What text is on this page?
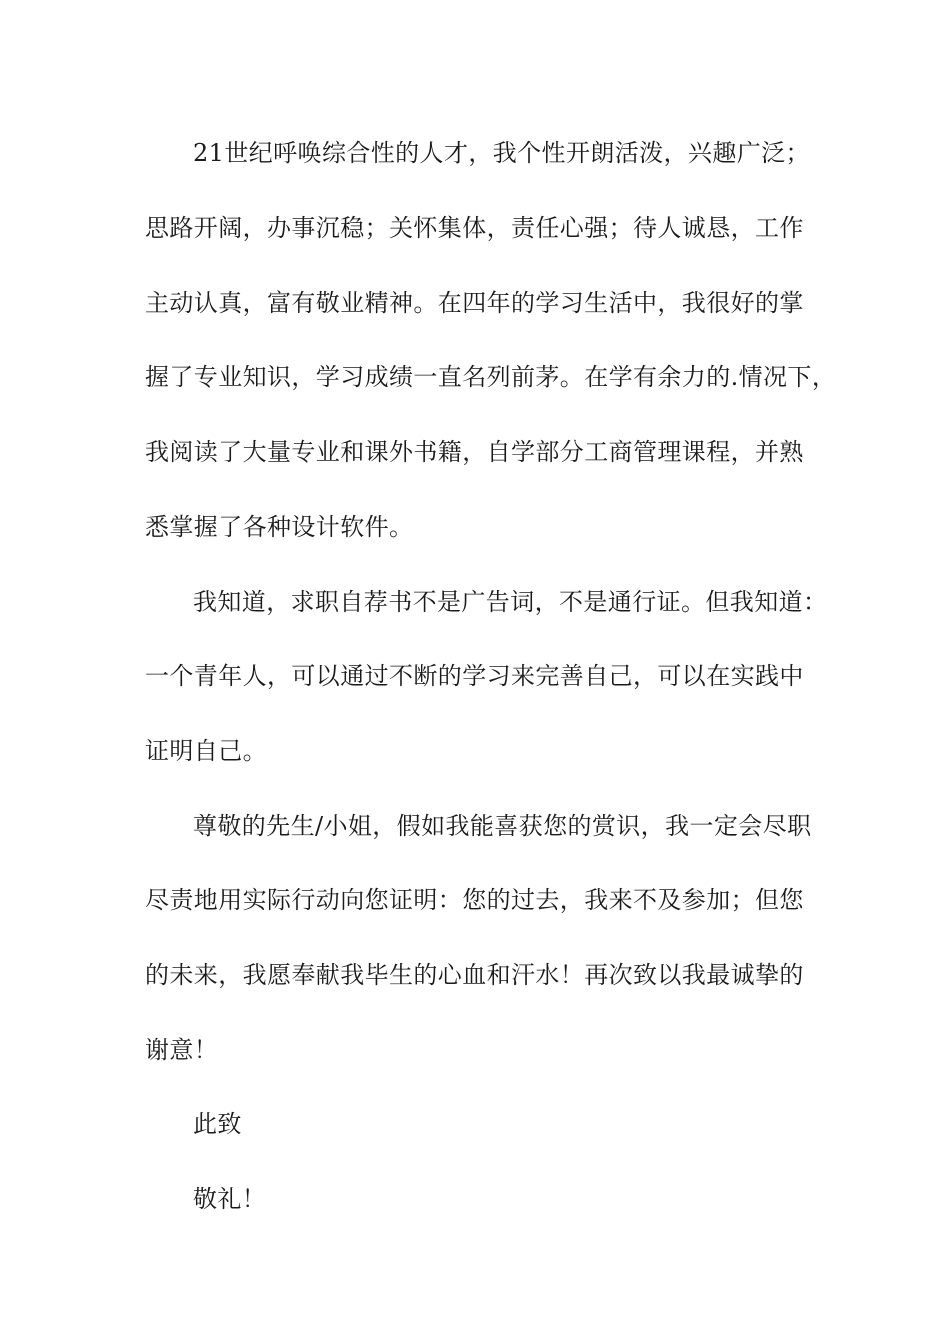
21世纪呼唤综合性的人才，我个性开朗活泼，兴趣广泛；

思路开阔，办事沉稳；关怀集体，责任心强；待人诚恳，工作

主动认真，富有敬业精神。在四年的学习生活中，我很好的掌

握了专业知识，学习成绩一直名列前茅。在学有余力的.情况下，

我阅读了大量专业和课外书籍，自学部分工商管理课程，并熟

悉掌握了各种设计软件。

我知道，求职自荐书不是广告词，不是通行证。但我知道：

一个青年人，可以通过不断的学习来完善自己，可以在实践中

证明自己。

尊敬的先生/小姐，假如我能喜获您的赏识，我一定会尽职

尽责地用实际行动向您证明：您的过去，我来不及参加；但您

的未来，我愿奉献我毕生的心血和汗水！再次致以我最诚挚的

谢意！

此致

敬礼！
